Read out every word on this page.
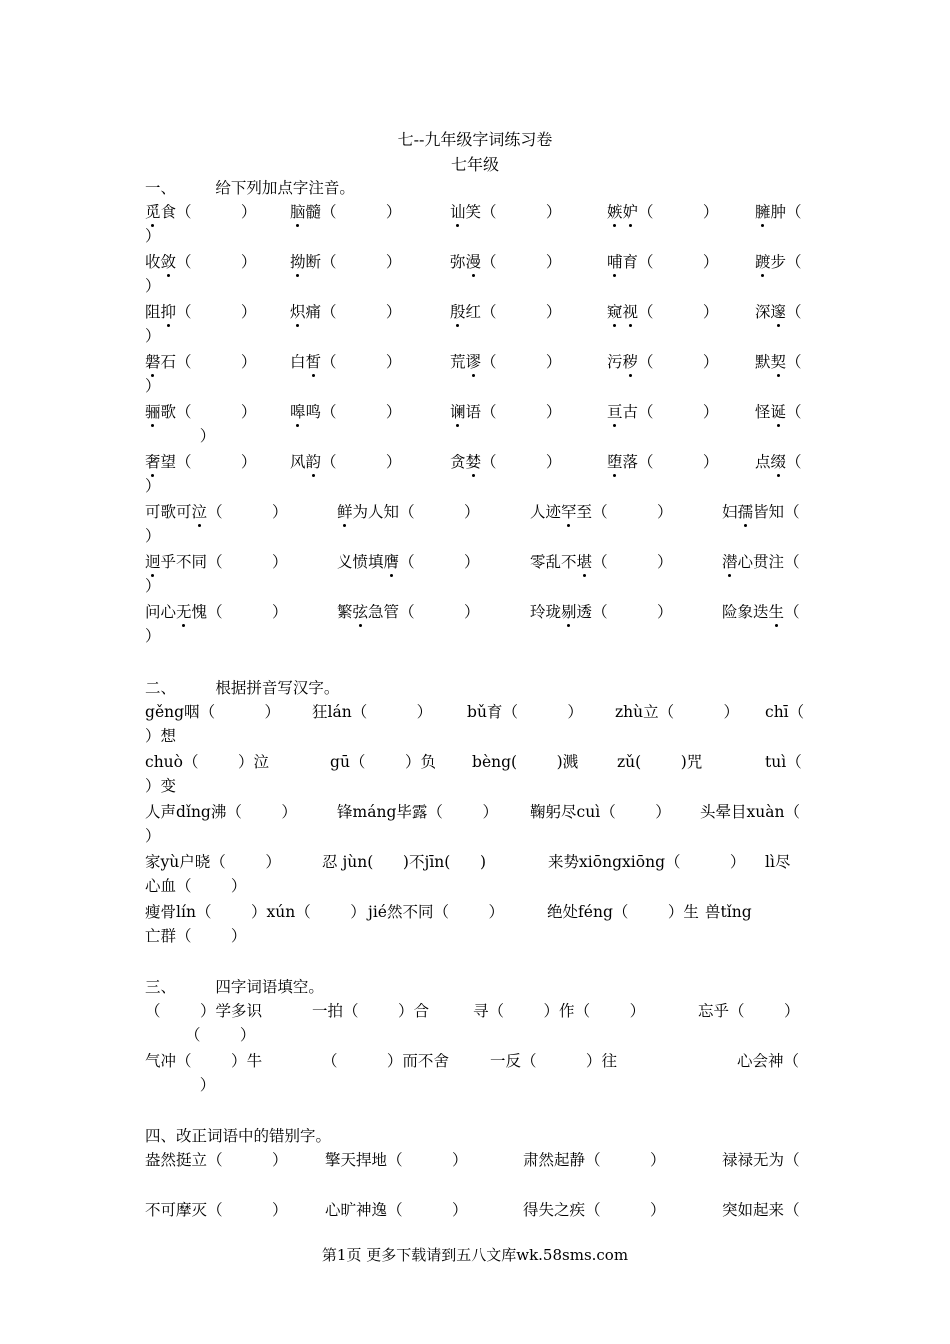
七--九年级字词练习卷
七年级
一、        给下列加点字注音。
觅食（	） 脑髓（	）	讪笑（	）	嫉妒（	） 臃肿（
）
收敛（	） 拗断（	）	弥漫（	）	哺育（	） 踱步（
）
阻抑（	） 炽痛（	）	殷红（	）	窥视（	） 深邃（
）
磐石（	） 白皙（	）	荒谬（	）	污秽（	） 默契（
）
骊歌（	） 嗥鸣（	）	谰语（	）	亘古（	） 怪诞（
）
奢望（	） 风韵（	）	贪婪（	）	堕落（	） 点缀（
）
可歌可泣（	）	鲜为人知（	）	人迹罕至（	）	妇孺皆知（
）
迥乎不同（	）	义愤填膺（	）	零乱不堪（	）	潜心贯注（
）
问心无愧（	）	繁弦急管（	）	玲珑剔透（	）	险象迭生（
）
二、        根据拼音写汉字。
gěng咽（	） 狂lán（	） bǔ育（	） zhù立（	） chī（
）想
chuò（	）泣	gū（	）负 bèng(	)溅	zǔ(	)咒	tuì（
）变
人声dǐng沸（	）	锋máng毕露（	） 鞠躬尽cuì（	） 头晕目xuàn（
）
家yù户晓（	）	忍 jùn( )不jīn( )	来势xiōngxiōng（	） lì尽
心血（        ）
瘦骨lín（	）xún（	） jié然不同（	）	绝处féng（	）生 兽tǐng
亡群（        ）
三、        四字词语填空。
（	）学多识	一拍（	）合	寻（	）作（	）	忘乎（	）
（        ）
气冲（	）牛	（	）而不舍	一反（	）往	心会神（
）
四、改正词语中的错别字。
盎然挺立（	） 擎天捍地（	）	肃然起静（	）	禄禄无为（
不可摩灭（	） 心旷神逸（	）	得失之疾（	）	突如起来（
第1页 更多下载请到五八文库wk.58sms.com
